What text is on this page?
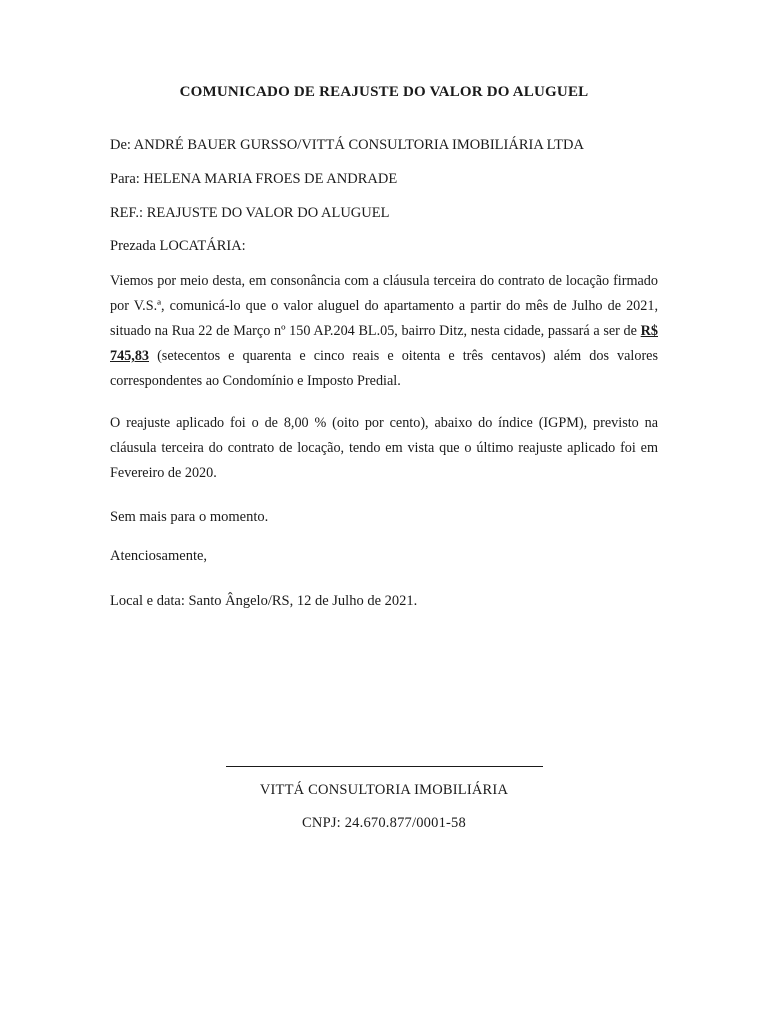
COMUNICADO DE REAJUSTE DO VALOR DO ALUGUEL
De: ANDRÉ BAUER GURSSO/VITTÁ CONSULTORIA IMOBILIÁRIA LTDA
Para: HELENA MARIA FROES DE ANDRADE
REF.: REAJUSTE DO VALOR DO ALUGUEL
Prezada LOCATÁRIA:
Viemos por meio desta, em consonância com a cláusula terceira do contrato de locação firmado por V.S.ª, comunicá-lo que o valor aluguel do apartamento a partir do mês de Julho de 2021, situado na Rua 22 de Março nº 150 AP.204 BL.05, bairro Ditz, nesta cidade, passará a ser de R$ 745,83 (setecentos e quarenta e cinco reais e oitenta e três centavos) além dos valores correspondentes ao Condomínio e Imposto Predial.
O reajuste aplicado foi o de 8,00 % (oito por cento), abaixo do índice (IGPM), previsto na cláusula terceira do contrato de locação, tendo em vista que o último reajuste aplicado foi em Fevereiro de 2020.
Sem mais para o momento.
Atenciosamente,
Local e data: Santo Ângelo/RS, 12 de Julho de 2021.
VITTÁ CONSULTORIA IMOBILIÁRIA
CNPJ: 24.670.877/0001-58
